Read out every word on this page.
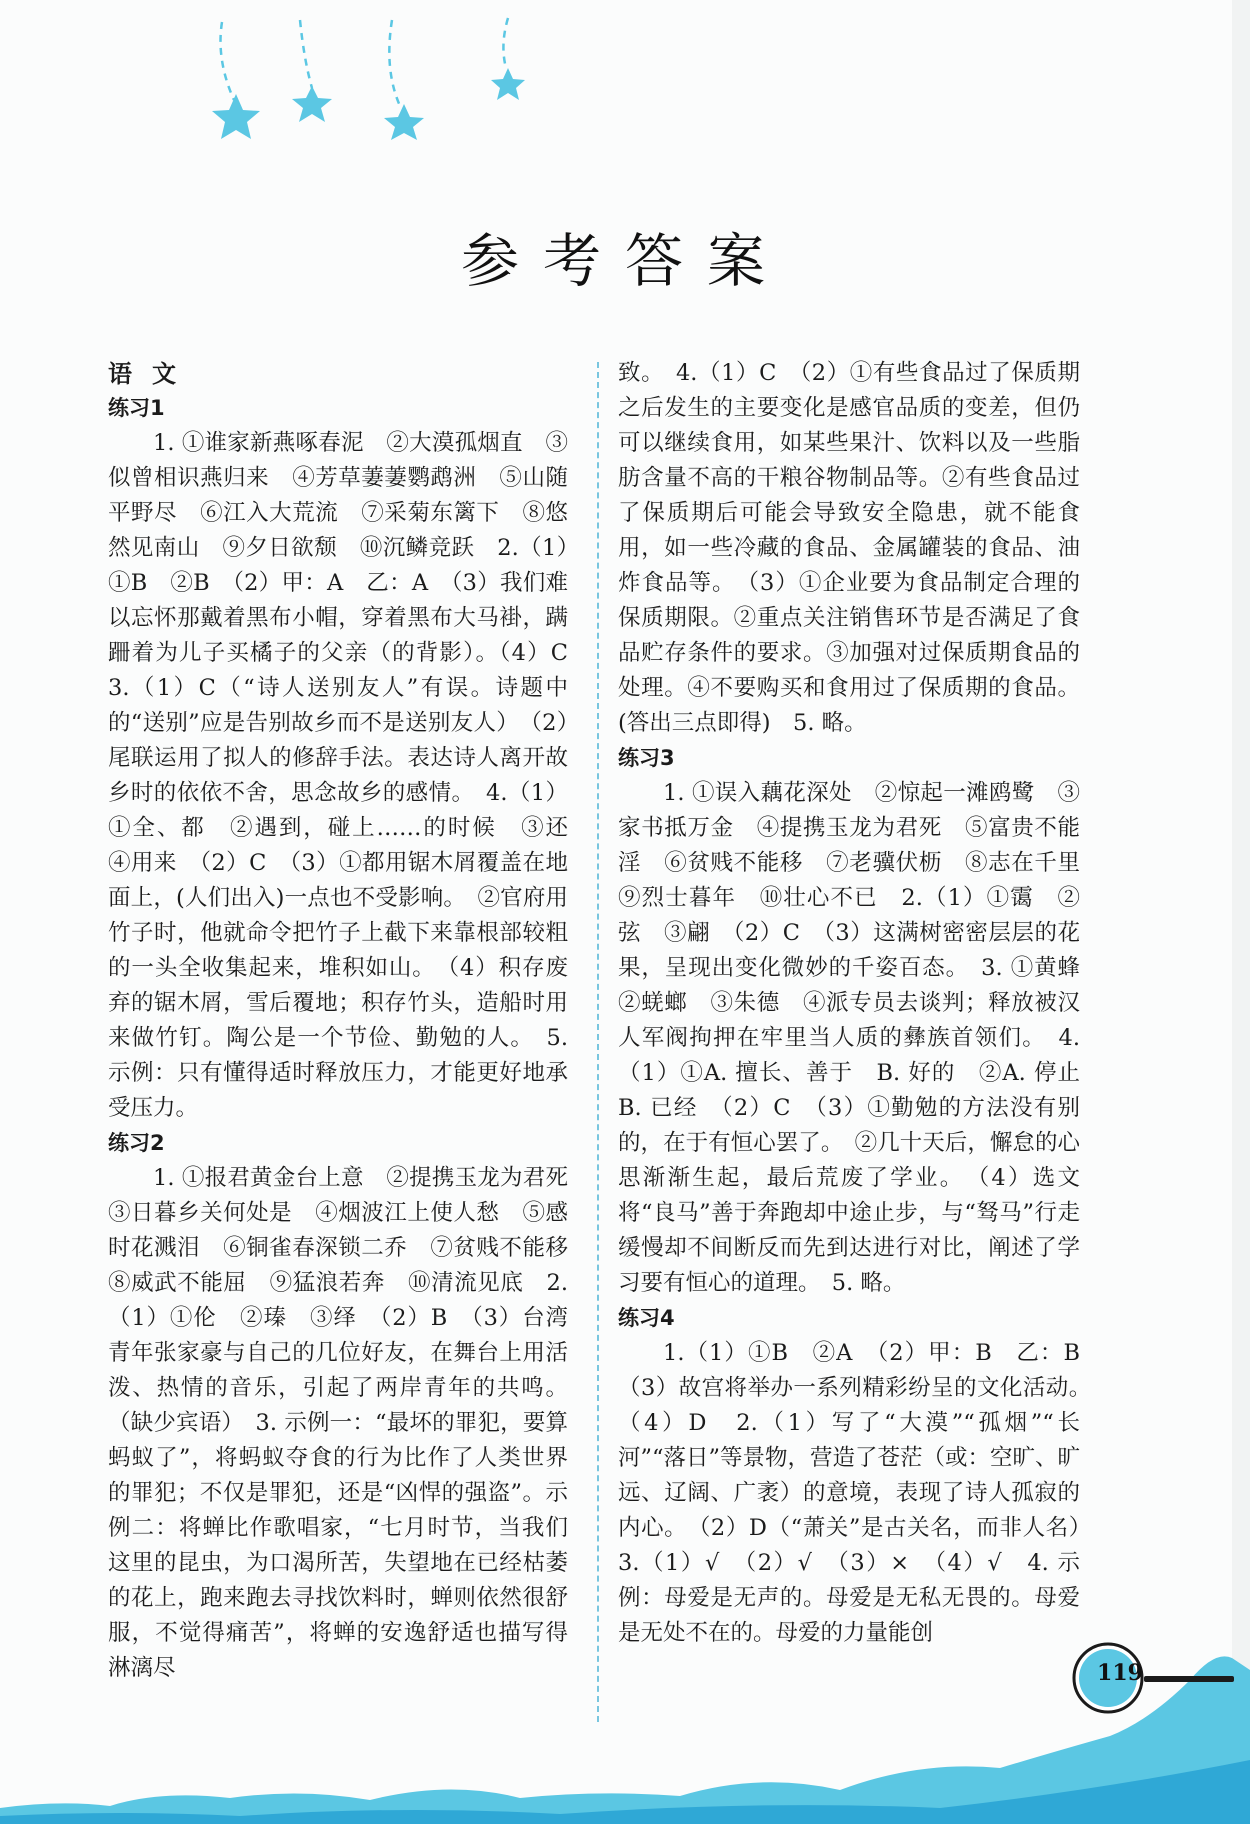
参考答案

语文

练习1

1. ①谁家新燕啄春泥　②大漠孤烟直　③似曾相识燕归来　④芳草萋萋鹦鹉洲　⑤山随平野尽　⑥江入大荒流　⑦采菊东篱下　⑧悠然见南山　⑨夕日欲颓　⑩沉鳞竞跃　2.（1）①B　②B　（2）甲：A　乙：A　（3）我们难以忘怀那戴着黑布小帽，穿着黑布大马褂，蹒跚着为儿子买橘子的父亲（的背影）。（4）C　3.（1）C（“诗人送别友人”有误。诗题中的“送别”应是告别故乡而不是送别友人）　（2）尾联运用了拟人的修辞手法。表达诗人离开故乡时的依依不舍，思念故乡的感情。　4.（1）①全、都　②遇到，碰上……的时候　③还　④用来　（2）C　（3）①都用锯木屑覆盖在地面上，(人们出入)一点也不受影响。　②官府用竹子时，他就命令把竹子上截下来靠根部较粗的一头全收集起来，堆积如山。　（4）积存废弃的锯木屑，雪后覆地；积存竹头，造船时用来做竹钉。陶公是一个节俭、勤勉的人。　5. 示例：只有懂得适时释放压力，才能更好地承受压力。

练习2

1. ①报君黄金台上意　②提携玉龙为君死　③日暮乡关何处是　④烟波江上使人愁　⑤感时花溅泪　⑥铜雀春深锁二乔　⑦贫贱不能移　⑧威武不能屈　⑨猛浪若奔　⑩清流见底　2.（1）①伦　②瑧　③绎　（2）B　（3）台湾青年张家豪与自己的几位好友，在舞台上用活泼、热情的音乐，引起了两岸青年的共鸣。（缺少宾语）　3. 示例一：“最坏的罪犯，要算蚂蚁了”，将蚂蚁夺食的行为比作了人类世界的罪犯；不仅是罪犯，还是“凶悍的强盗”。示例二：将蝉比作歌唱家，“七月时节，当我们这里的昆虫，为口渴所苦，失望地在已经枯萎的花上，跑来跑去寻找饮料时，蝉则依然很舒服，不觉得痛苦”，将蝉的安逸舒适也描写得淋漓尽

致。　4.（1）C　（2）①有些食品过了保质期之后发生的主要变化是感官品质的变差，但仍可以继续食用，如某些果汁、饮料以及一些脂肪含量不高的干粮谷物制品等。②有些食品过了保质期后可能会导致安全隐患，就不能食用，如一些冷藏的食品、金属罐装的食品、油炸食品等。　（3）①企业要为食品制定合理的保质期限。②重点关注销售环节是否满足了食品贮存条件的要求。③加强对过保质期食品的处理。④不要购买和食用过了保质期的食品。(答出三点即得)　5. 略。

练习3

1. ①误入藕花深处　②惊起一滩鸥鹭　③家书抵万金　④提携玉龙为君死　⑤富贵不能淫　⑥贫贱不能移　⑦老骥伏枥　⑧志在千里　⑨烈士暮年　⑩壮心不已　2.（1）①霭　②弦　③翩　（2）C　（3）这满树密密层层的花果，呈现出变化微妙的千姿百态。　3. ①黄蜂　②蜣螂　③朱德　④派专员去谈判；释放被汉人军阀拘押在牢里当人质的彝族首领们。　4.（1）①A. 擅长、善于　B. 好的　②A. 停止　B. 已经　（2）C　（3）①勤勉的方法没有别的，在于有恒心罢了。　②几十天后，懈怠的心思渐渐生起，最后荒废了学业。　（4）选文将“良马”善于奔跑却中途止步，与“驽马”行走缓慢却不间断反而先到达进行对比，阐述了学习要有恒心的道理。　5. 略。

练习4

1.（1）①B　②A　（2）甲：B　乙：B　（3）故宫将举办一系列精彩纷呈的文化活动。　（4）D　2.（1）写了“大漠”“孤烟”“长河”“落日”等景物，营造了苍茫（或：空旷、旷远、辽阔、广袤）的意境，表现了诗人孤寂的内心。　（2）D（“萧关”是古关名，而非人名）　3.（1）√　（2）√　（3）×　（4）√　4. 示例：母爱是无声的。母爱是无私无畏的。母爱是无处不在的。母爱的力量能创

119
